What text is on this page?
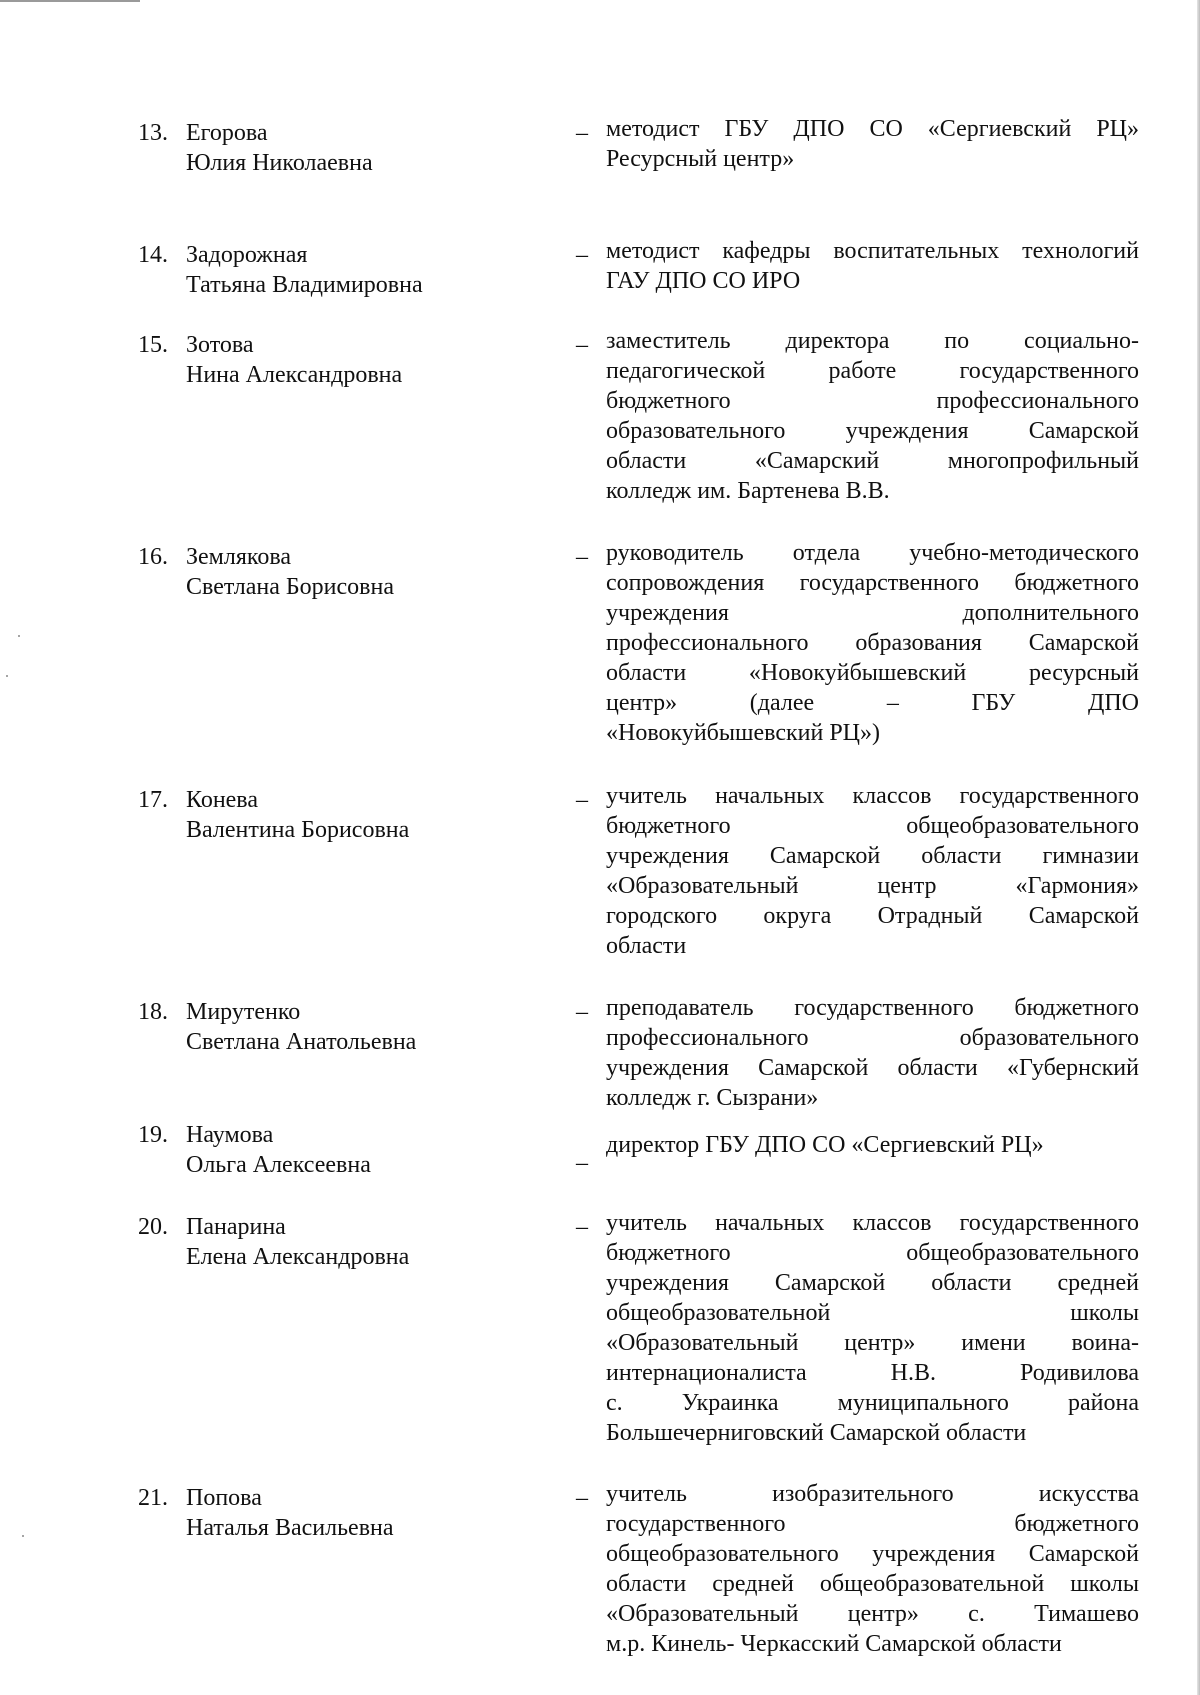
13. Егорова
Юлия Николаевна
– методист ГБУ ДПО СО «Сергиевский РЦ»
Ресурсный центр»
14. Задорожная
Татьяна Владимировна
– методист кафедры воспитательных технологий
ГАУ ДПО СО ИРО
15. Зотова
Нина Александровна
– заместитель директора по социально-
педагогической работе государственного
бюджетного профессионального
образовательного учреждения Самарской
области «Самарский многопрофильный
колледж им. Бартенева В.В.
16. Землякова
Светлана Борисовна
– руководитель отдела учебно-методического
сопровождения государственного бюджетного
учреждения дополнительного
профессионального образования Самарской
области «Новокуйбышевский ресурсный
центр» (далее – ГБУ ДПО
«Новокуйбышевский РЦ»)
17. Конева
Валентина Борисовна
– учитель начальных классов государственного
бюджетного общеобразовательного
учреждения Самарской области гимназии
«Образовательный центр «Гармония»
городского округа Отрадный Самарской
области
18. Мирутенко
Светлана Анатольевна
– преподаватель государственного бюджетного
профессионального образовательного
учреждения Самарской области «Губернский
колледж г. Сызрани»
19. Наумова
Ольга Алексеевна	–
директор ГБУ ДПО СО «Сергиевский РЦ»
20. Панарина
Елена Александровна
– учитель начальных классов государственного
бюджетного общеобразовательного
учреждения Самарской области средней
общеобразовательной школы
«Образовательный центр» имени воина-
интернационалиста Н.В. Родивилова
с. Украинка муниципального района
Большечерниговский Самарской области
21. Попова
Наталья Васильевна
– учитель изобразительного искусства
государственного бюджетного
общеобразовательного учреждения Самарской
области средней общеобразовательной школы
«Образовательный центр» с. Тимашево
м.р. Кинель- Черкасский Самарской области
